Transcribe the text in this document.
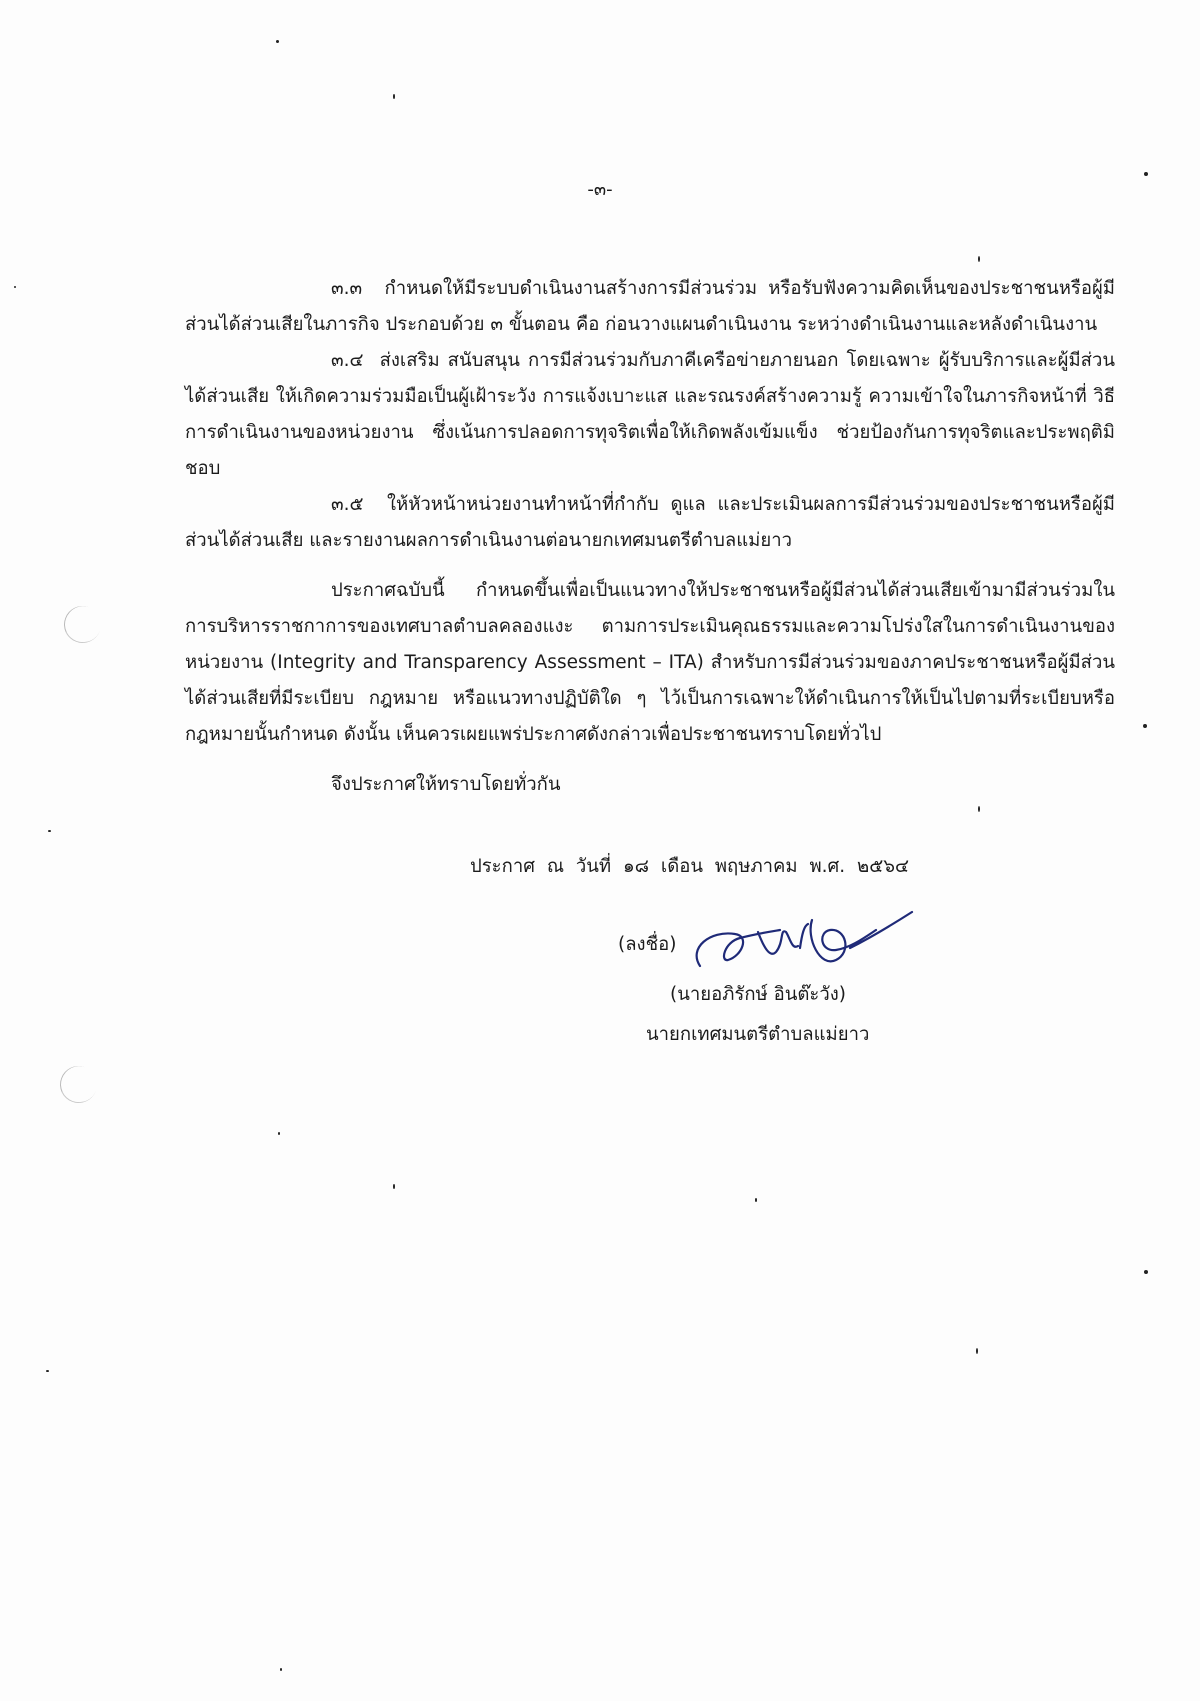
-๓-

๓.๓ กำหนดให้มีระบบดำเนินงานสร้างการมีส่วนร่วม หรือรับฟังความคิดเห็นของประชาชนหรือผู้มีส่วนได้ส่วนเสียในภารกิจ ประกอบด้วย ๓ ขั้นตอน คือ ก่อนวางแผนดำเนินงาน ระหว่างดำเนินงานและหลังดำเนินงาน

๓.๔ ส่งเสริม สนับสนุน การมีส่วนร่วมกับภาคีเครือข่ายภายนอก โดยเฉพาะ ผู้รับบริการและผู้มีส่วนได้ส่วนเสีย ให้เกิดความร่วมมือเป็นผู้เฝ้าระวัง การแจ้งเบาะแส และรณรงค์สร้างความรู้ ความเข้าใจในภารกิจหน้าที่ วิธีการดำเนินงานของหน่วยงาน ซึ่งเน้นการปลอดการทุจริตเพื่อให้เกิดพลังเข้มแข็ง ช่วยป้องกันการทุจริตและประพฤติมิชอบ

๓.๕ ให้หัวหน้าหน่วยงานทำหน้าที่กำกับ ดูแล และประเมินผลการมีส่วนร่วมของประชาชนหรือผู้มีส่วนได้ส่วนเสีย และรายงานผลการดำเนินงานต่อนายกเทศมนตรีตำบลแม่ยาว

ประกาศฉบับนี้ กำหนดขึ้นเพื่อเป็นแนวทางให้ประชาชนหรือผู้มีส่วนได้ส่วนเสียเข้ามามีส่วนร่วมในการบริหารราชกาการของเทศบาลตำบลคลองแงะ ตามการประเมินคุณธรรมและความโปร่งใสในการดำเนินงานของหน่วยงาน (Integrity and Transparency Assessment – ITA) สำหรับการมีส่วนร่วมของภาคประชาชนหรือผู้มีส่วนได้ส่วนเสียที่มีระเบียบ กฎหมาย หรือแนวทางปฏิบัติใด ๆ ไว้เป็นการเฉพาะให้ดำเนินการให้เป็นไปตามที่ระเบียบหรือกฎหมายนั้นกำหนด ดังนั้น เห็นควรเผยแพร่ประกาศดังกล่าวเพื่อประชาชนทราบโดยทั่วไป

จึงประกาศให้ทราบโดยทั่วกัน

ประกาศ ณ วันที่ ๑๘ เดือน พฤษภาคม พ.ศ. ๒๕๖๔
(ลงชื่อ)
(นายอภิรักษ์ อินต๊ะวัง)
นายกเทศมนตรีตำบลแม่ยาว
